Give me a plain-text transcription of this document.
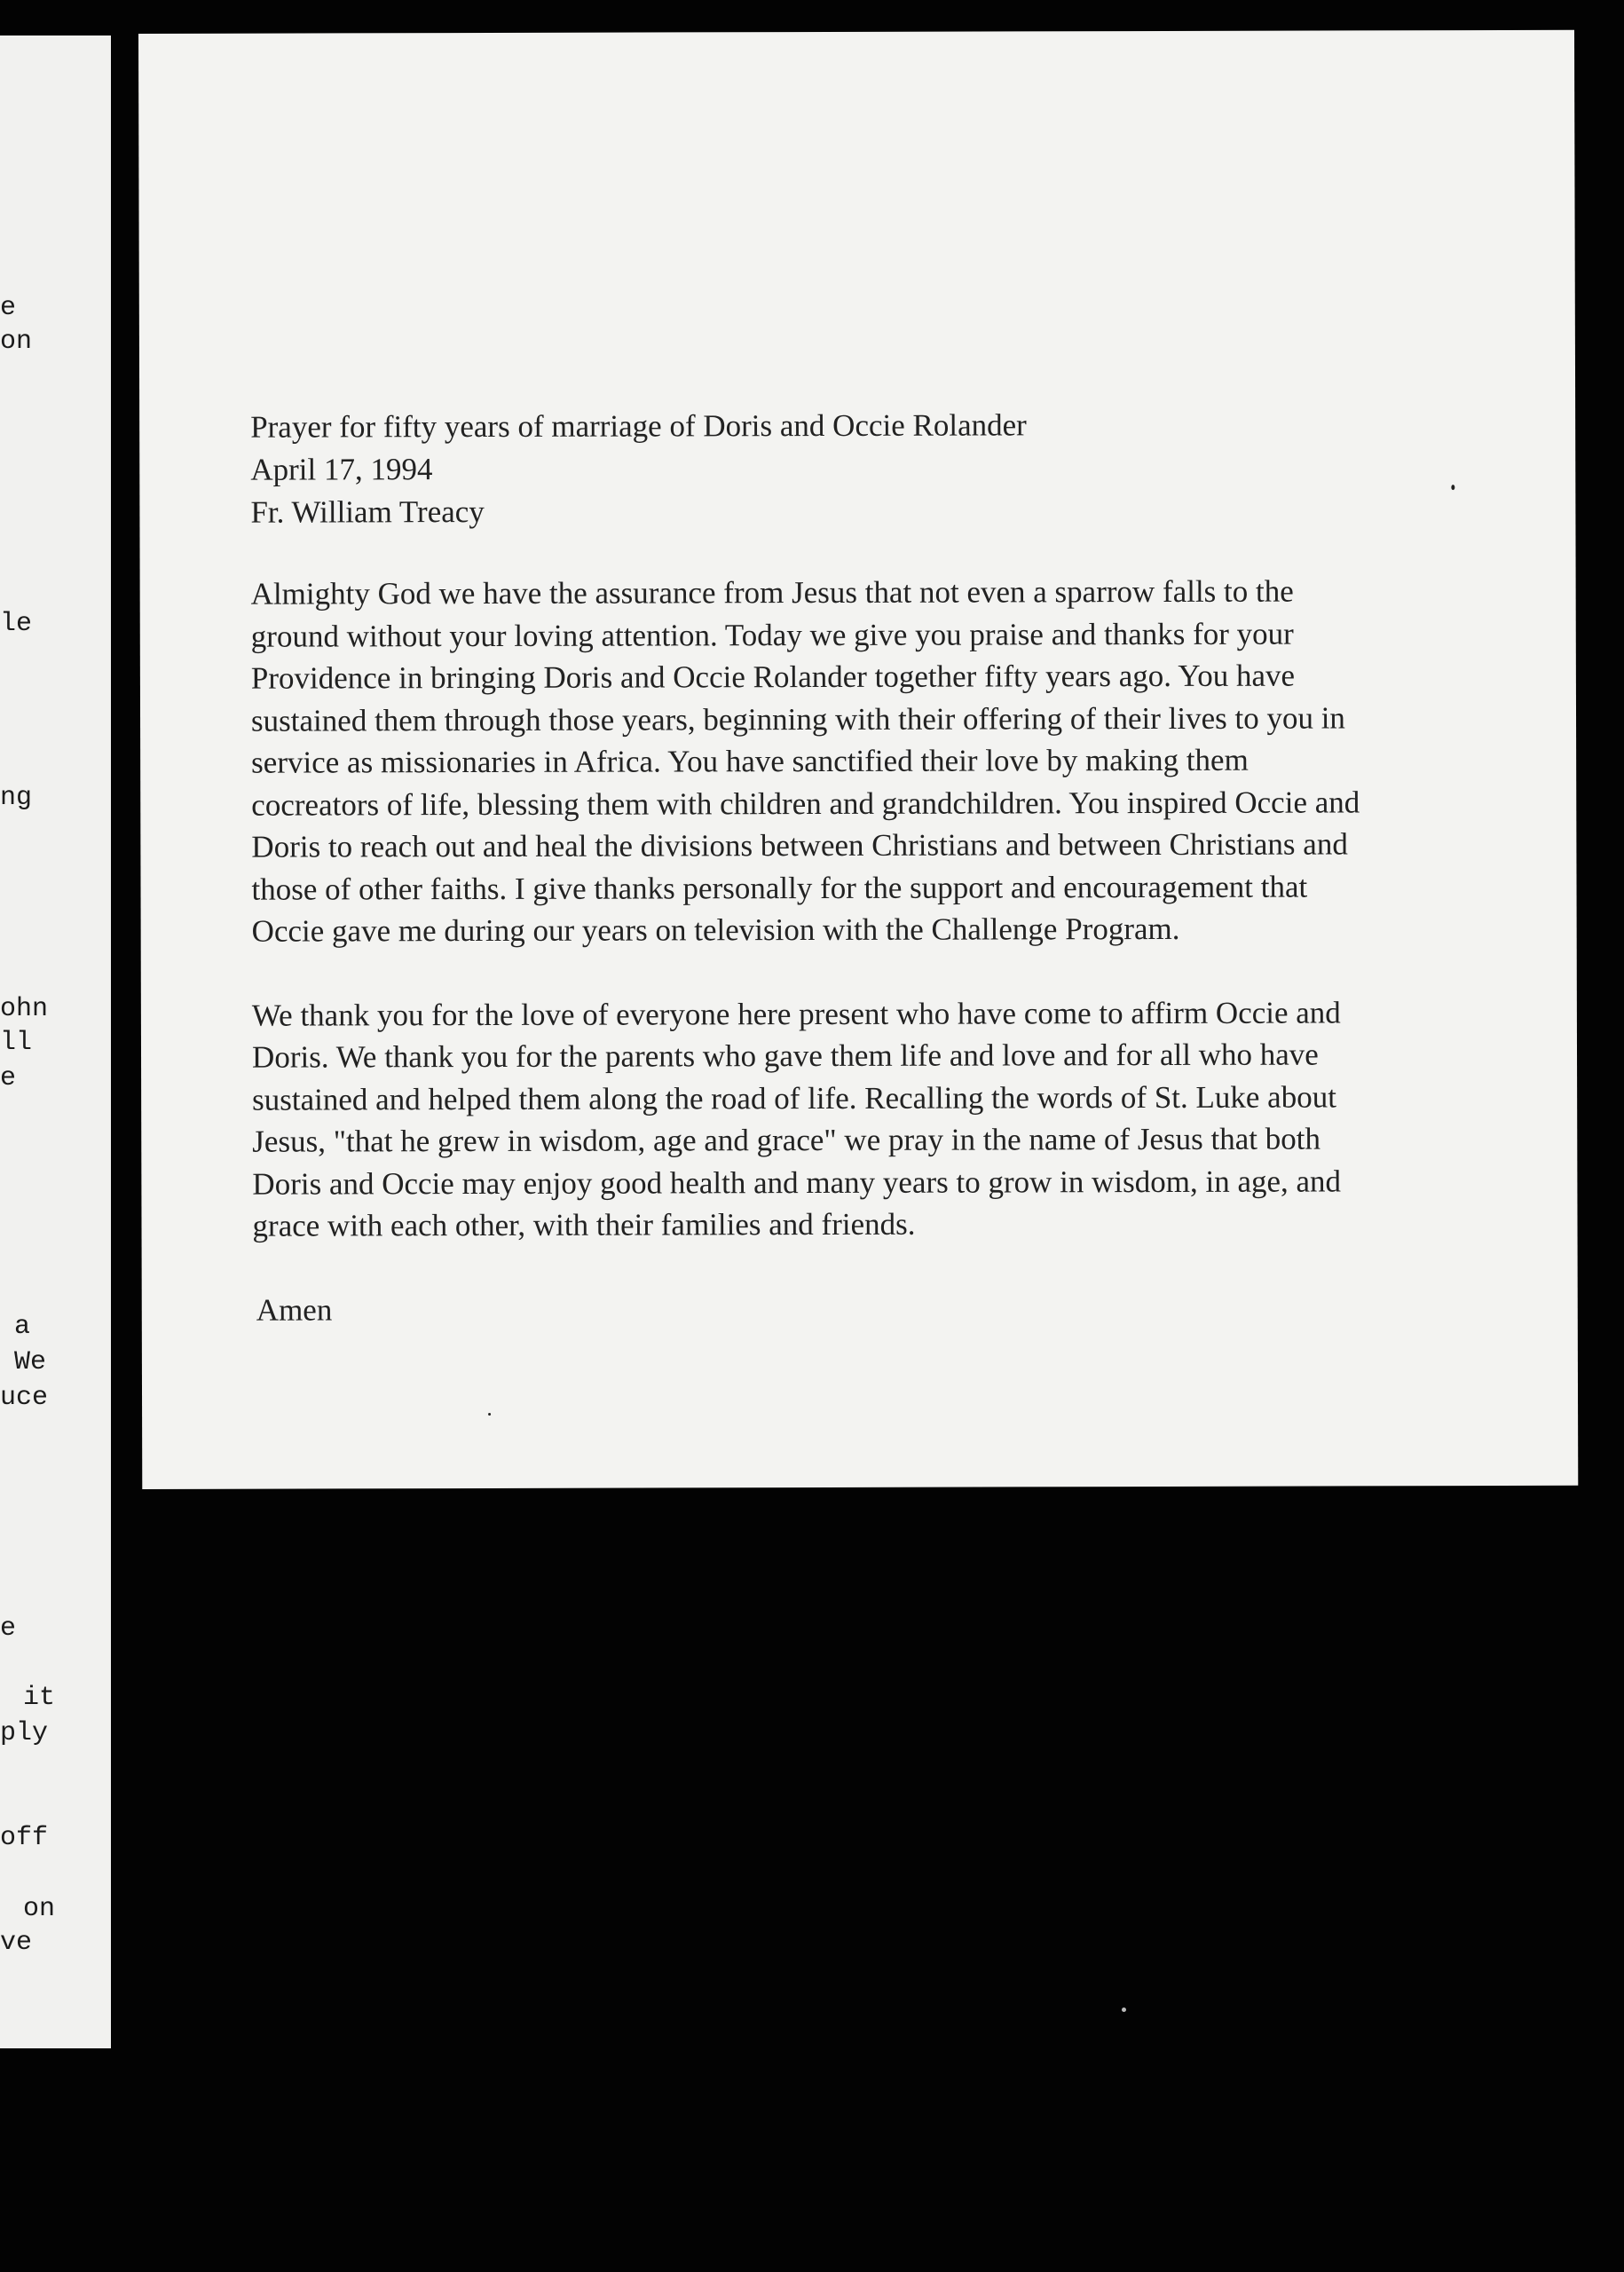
e
on
le
ng
ohn
ll
e
a
We
uce
e
it
ply
off
on
ve
Prayer for fifty years of marriage of Doris and Occie Rolander
April 17, 1994
Fr. William Treacy

Almighty God we have the assurance from Jesus that not even a sparrow falls to the
ground without your loving attention. Today we give you praise and thanks for your
Providence in bringing Doris and Occie Rolander together fifty years ago. You have
sustained them through those years, beginning with their offering of their lives to you in
service as missionaries in Africa. You have sanctified their love by making them
cocreators of life, blessing them with children and grandchildren. You inspired Occie and
Doris to reach out and heal the divisions between Christians and between Christians and
those of other faiths. I give thanks personally for the support and encouragement that
Occie gave me during our years on television with the Challenge Program.

We thank you for the love of everyone here present who have come to affirm Occie and
Doris. We thank you for the parents who gave them life and love and for all who have
sustained and helped them along the road of life. Recalling the words of St. Luke about
Jesus, "that he grew in wisdom, age and grace" we pray in the name of Jesus that both
Doris and Occie may enjoy good health and many years to grow in wisdom, in age, and
grace with each other, with their families and friends.

Amen
